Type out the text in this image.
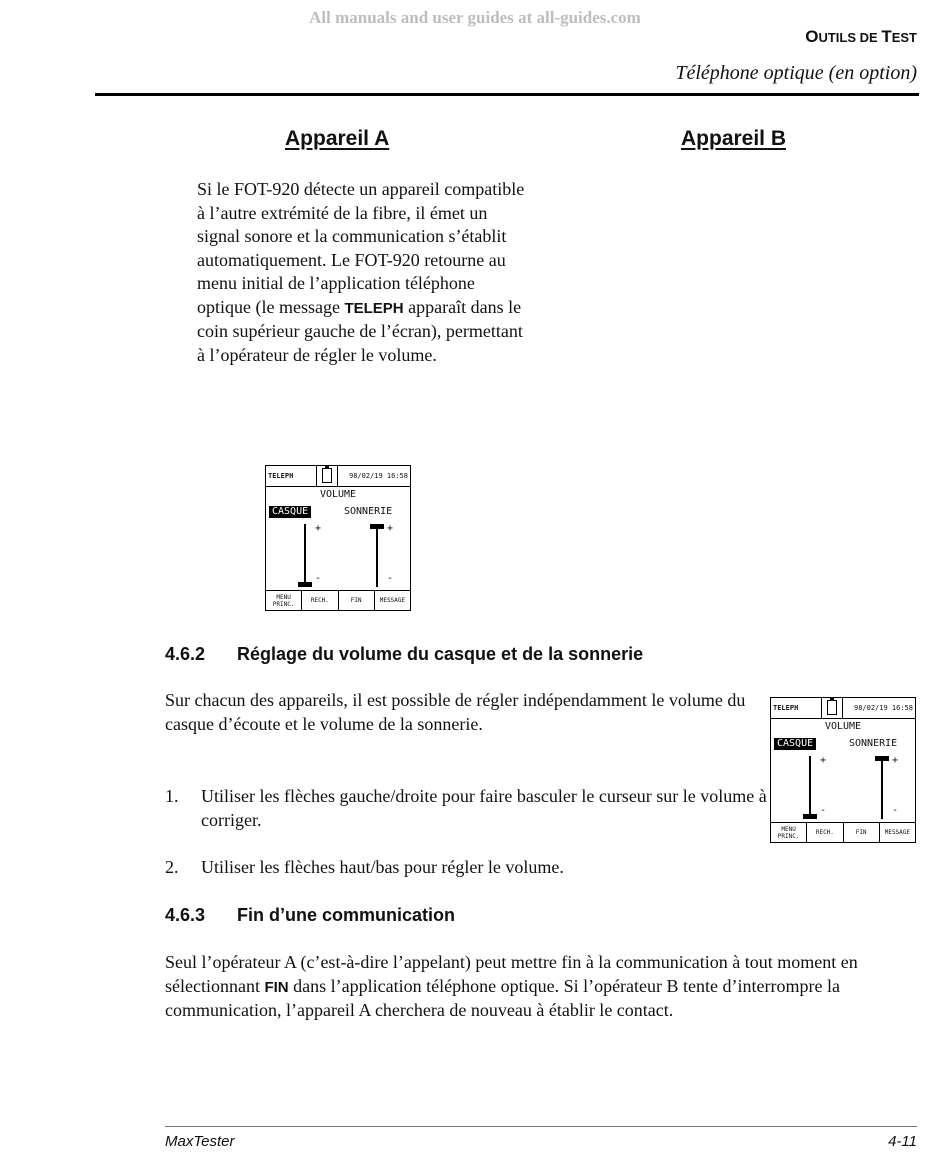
All manuals and user guides at all-guides.com
OUTILS DE TEST
Téléphone optique (en option)
Appareil A	Appareil B
Si le FOT-920 détecte un appareil compatible à l’autre extrémité de la fibre, il émet un signal sonore et la communication s’établit automatiquement. Le FOT-920 retourne au menu initial de l’application téléphone optique (le message TELEPH apparaît dans le coin supérieur gauche de l’écran), permettant à l’opérateur de régler le volume.
TELEPH	98/02/19 16:58
VOLUME
CASQUE	SONNERIE
+
-
+
-
MENU PRINC.	RECH.	FIN	MESSAGE
4.6.2 Réglage du volume du casque et de la sonnerie
Sur chacun des appareils, il est possible de régler indépendamment le volume du casque d’écoute et le volume de la sonnerie.
1. Utiliser les flèches gauche/droite pour faire basculer le curseur sur le volume à corriger.
2. Utiliser les flèches haut/bas pour régler le volume.
TELEPH	98/02/19 16:58
VOLUME
CASQUE	SONNERIE
+
-
+
-
MENU PRINC.	RECH.	FIN	MESSAGE
4.6.3 Fin d’une communication
Seul l’opérateur A (c’est-à-dire l’appelant) peut mettre fin à la communication à tout moment en sélectionnant FIN dans l’application téléphone optique. Si l’opérateur B tente d’interrompre la communication, l’appareil A cherchera de nouveau à établir le contact.
MaxTester	4-11
